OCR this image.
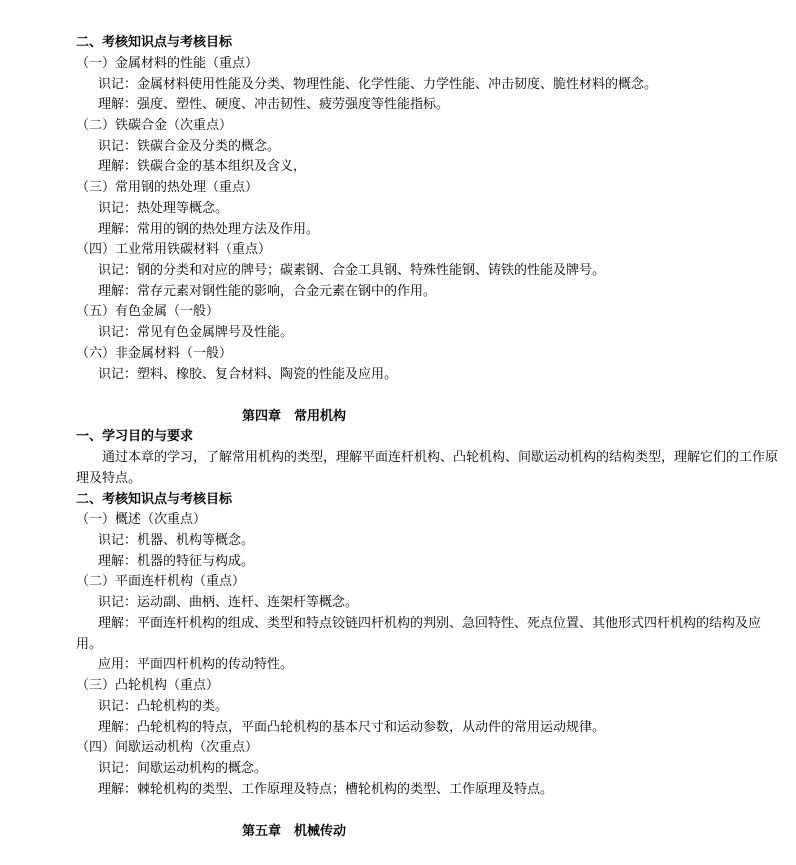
二、考核知识点与考核目标
（一）金属材料的性能（重点）
识记：金属材料使用性能及分类、物理性能、化学性能、力学性能、冲击韧度、脆性材料的概念。
理解：强度、塑性、硬度、冲击韧性、疲劳强度等性能指标。
（二）铁碳合金（次重点）
识记：铁碳合金及分类的概念。
理解：铁碳合金的基本组织及含义，
（三）常用钢的热处理（重点）
识记：热处理等概念。
理解：常用的钢的热处理方法及作用。
（四）工业常用铁碳材料（重点）
识记：钢的分类和对应的牌号；碳素钢、合金工具钢、特殊性能钢、铸铁的性能及牌号。
理解：常存元素对钢性能的影响，合金元素在钢中的作用。
（五）有色金属（一般）
识记：常见有色金属牌号及性能。
（六）非金属材料（一般）
识记：塑料、橡胶、复合材料、陶瓷的性能及应用。
第四章　常用机构
一、学习目的与要求
通过本章的学习，了解常用机构的类型，理解平面连杆机构、凸轮机构、间歇运动机构的结构类型，理解它们的工作原理及特点。
二、考核知识点与考核目标
（一）概述（次重点）
识记：机器、机构等概念。
理解：机器的特征与构成。
（二）平面连杆机构（重点）
识记：运动副、曲柄、连杆、连架杆等概念。
理解：平面连杆机构的组成、类型和特点铰链四杆机构的判别、急回特性、死点位置、其他形式四杆机构的结构及应用。
应用：平面四杆机构的传动特性。
（三）凸轮机构（重点）
识记：凸轮机构的类。
理解：凸轮机构的特点，平面凸轮机构的基本尺寸和运动参数，从动件的常用运动规律。
（四）间歇运动机构（次重点）
识记：间歇运动机构的概念。
理解：棘轮机构的类型、工作原理及特点；槽轮机构的类型、工作原理及特点。
第五章　机械传动
